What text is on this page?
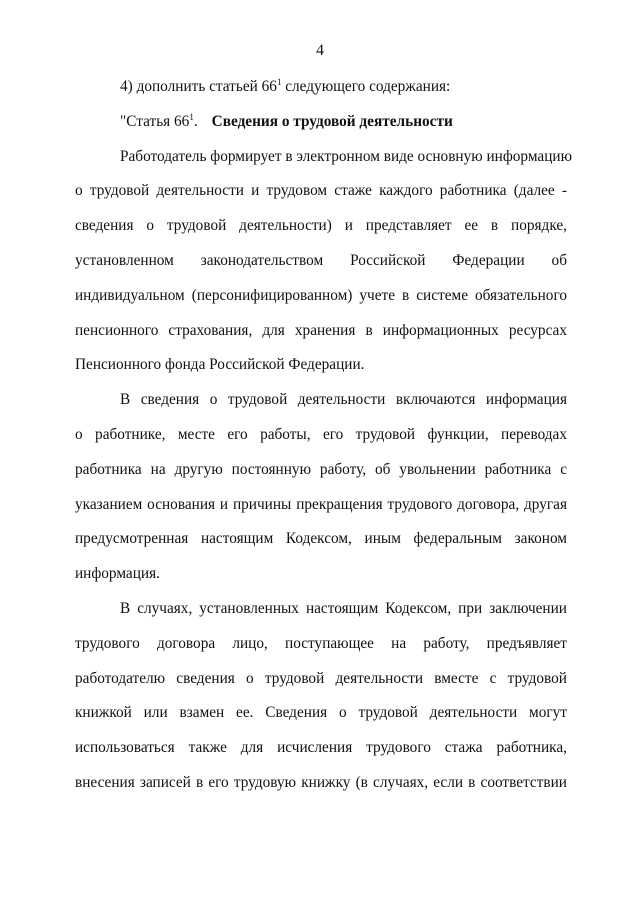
4
4) дополнить статьей $66^1$ следующего содержания:
"Статья $66^1$. Сведения о трудовой деятельности
Работодатель формирует в электронном виде основную информацию
о трудовой деятельности и трудовом стаже каждого работника (далее -
сведения о трудовой деятельности) и представляет ее в порядке,
установленном законодательством Российской Федерации об
индивидуальном (персонифицированном) учете в системе обязательного
пенсионного страхования, для хранения в информационных ресурсах
Пенсионного фонда Российской Федерации.
В сведения о трудовой деятельности включаются информация
о работнике, месте его работы, его трудовой функции, переводах
работника на другую постоянную работу, об увольнении работника с
указанием основания и причины прекращения трудового договора, другая
предусмотренная настоящим Кодексом, иным федеральным законом
информация.
В случаях, установленных настоящим Кодексом, при заключении
трудового договора лицо, поступающее на работу, предъявляет
работодателю сведения о трудовой деятельности вместе с трудовой
книжкой или взамен ее. Сведения о трудовой деятельности могут
использоваться также для исчисления трудового стажа работника,
внесения записей в его трудовую книжку (в случаях, если в соответствии
